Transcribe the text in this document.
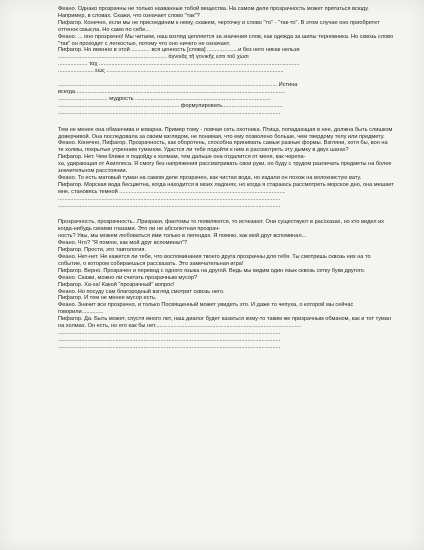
Феано. Однако прозрачны не только названные тобой вещества. На самом деле прозрачность может прятаться всюду. Например, в словах. Скажи, что означает слово "так"?

Пифагор. Конечно, если мы не присоединим к нему, скажем, черточку и слово "то" - "так-то". В этом случае оно приобретет оттенок смысла. Но само по себе...

Феано. ... оно прозрачно! Мы читаем, наш взгляд цепляется за значения слов, как одежда за шипы терновника. Но сквозь слово "так" он проходит с легкостью, потому что оно ничего не означает.

Пифагор. Но именно в этой ............ вся ценность [слова] ....................и без него никак нельзя ...................................................................... άγνοιᾶς τῆ γονικῆς εστι τοῦ χώσι

................... ταχ .................................................................................................................................

....................... ἐώς ..................................................................................................................

............................................................................................................................................. Истина

всегда.......................................................................................................................................

................................ мудрость .......................................................................................

.............................................................................. формулировать.......................................

...............................................................................................................................................

Тем не менее она обманчива и коварна. Пример тому - ловчая сеть охотника. Птица, попадающая в нее, должна быть слишком доверчивой. Она последовала за своим взглядом, не понимая, что ему позволено больше, чем твердому телу или предмету.

Феано. Конечно, Пифагор. Прозрачность, как оборотень, способна принимать самые разные формы. Взгляни, хотя бы, вон на те холмы, покрытые утренним туманом. Удастся ли тебе подойти к ним и рассмотреть эту дымку в двух шагах?

Пифагор. Нет. Чем ближе я подойду к холмам, тем дальше она отдалится от меня, как черепа-

ха, удирающая от Ахиллеса. Я смогу без напряжения рассматривать свои руки, но буду с трудом различать предметы на более значительном расстоянии.

Феано. То есть матовый туман на самом деле прозрачен, как чистая вода, но издали он похож на волокнистую вату.

Пифагор. Морская вода бесцветна, когда находится в моих ладонях, но когда я стараюсь рассмотреть морское дно, она мешает мне, становясь темной ...........................................................................................................

...............................................................................................................................................

...............................................................................................................................................

Прозрачность, прозрачность...Призраки, фантомы то появляются, то исчезают. Они существуют в рассказах, но кто видел их когда-нибудь своими глазами. Это ли не абсолютная прозрач-

ность? Увы, мы можем любоваться ими только в легендах. Я помню, как мой друг вспоминал...

Феано. Что? "Я помню, как мой друг вспоминал"?

Пифагор. Прости, это тавтология.

Феано. Нет-нет. Не кажется ли тебе, что воспоминания твоего друга прозрачны для тебя. Ты смотришь сквозь них на то событие, о котором собираешься рассказать. Это замечательная игра!

Пифагор. Верно. Прозрачен и перевод с одного языка на другой. Ведь мы видим один язык сквозь сетку букв другого.

Феано. Скажи, можно ли считать прозрачным мусор?

Пифагор. Ха-ха! Какой "прозрачный" вопрос!

Феано. Но посуду сам благородный взгляд смотрит сквозь него.

Пифагор. И тем не менее мусор есть.

Феано. Значит все прозрачно, и только Посвященный может увидеть это. И даже то чепуха, о которой мы сейчас говорили..............

Пифагор. Да. Быть может, спустя много лет, наш диалог будет казаться кому-то таким же призрачным обманом, как и тот туман на холмах. Он есть, но его как бы нет..............................................................................................

...............................................................................................................................................

...............................................................................................................................................

...............................................................................................................................................
